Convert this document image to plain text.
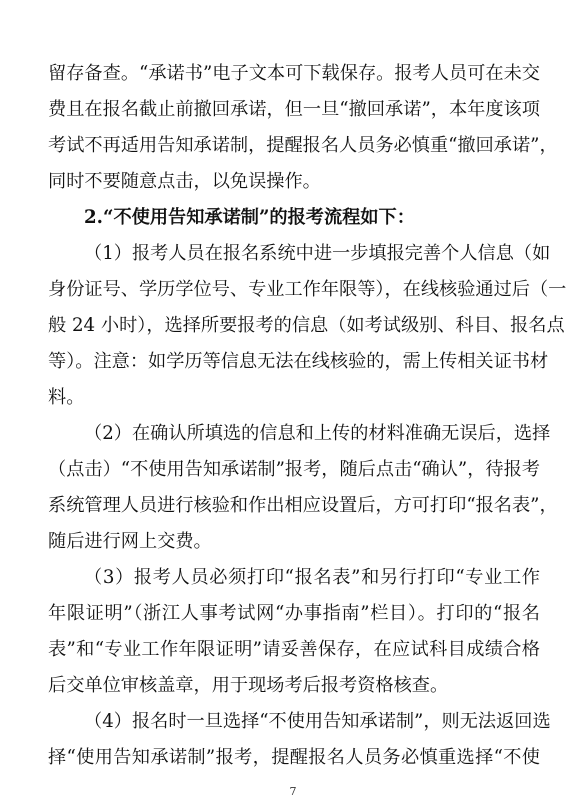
留存备查。“承诺书”电子文本可下载保存。报考人员可在未交
费且在报名截止前撤回承诺，但一旦“撤回承诺”，本年度该项
考试不再适用告知承诺制，提醒报名人员务必慎重“撤回承诺”，
同时不要随意点击，以免误操作。
2.“不使用告知承诺制”的报考流程如下：
（1）报考人员在报名系统中进一步填报完善个人信息（如
身份证号、学历学位号、专业工作年限等），在线核验通过后（一
般 24 小时），选择所要报考的信息（如考试级别、科目、报名点
等）。注意：如学历等信息无法在线核验的，需上传相关证书材
料。
（2）在确认所填选的信息和上传的材料准确无误后，选择
（点击）“不使用告知承诺制”报考，随后点击“确认”，待报考
系统管理人员进行核验和作出相应设置后，方可打印“报名表”，
随后进行网上交费。
（3）报考人员必须打印“报名表”和另行打印“专业工作
年限证明”（浙江人事考试网“办事指南”栏目）。打印的“报名
表”和“专业工作年限证明”请妥善保存，在应试科目成绩合格
后交单位审核盖章，用于现场考后报考资格核查。
（4）报名时一旦选择“不使用告知承诺制”，则无法返回选
择“使用告知承诺制”报考，提醒报名人员务必慎重选择“不使
7
